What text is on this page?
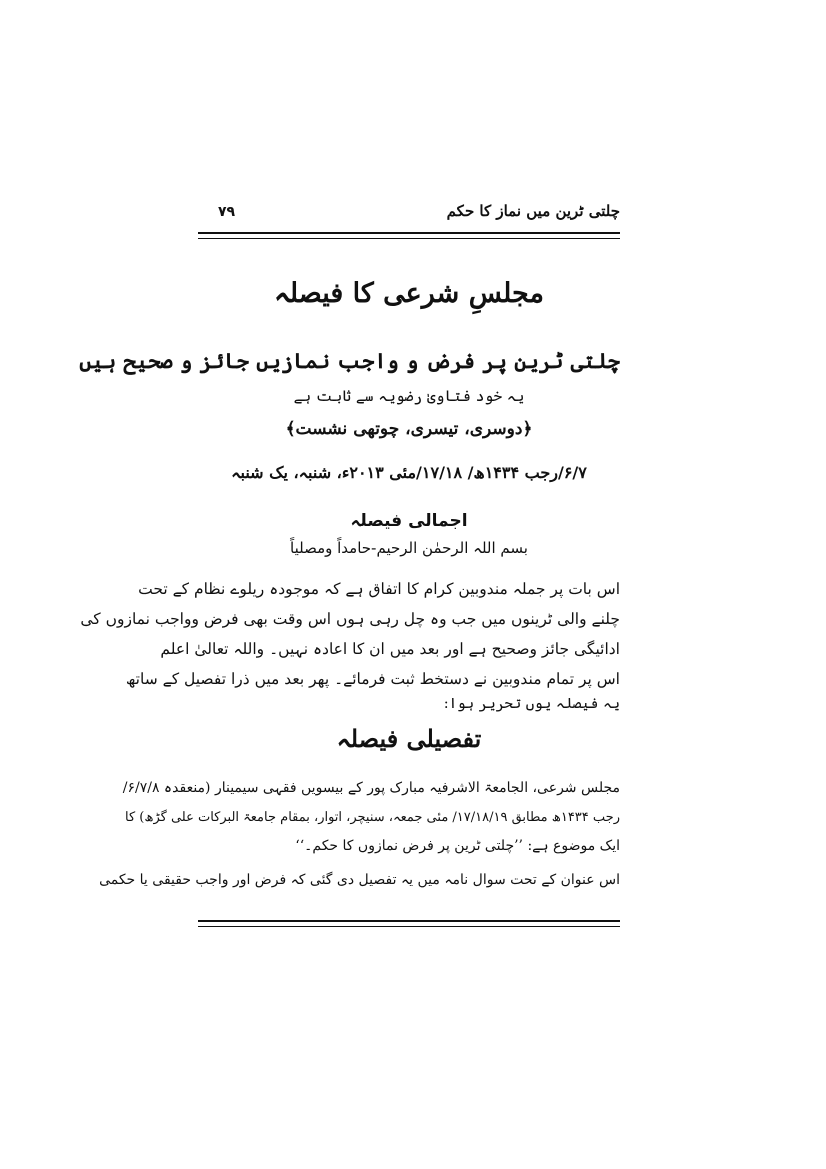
چلتی ٹرین میں نماز کا حکم
۷۹
مجلسِ شرعی کا فیصلہ
چلتی ٹرین پر فرض و واجب نمازیں جائز و صحیح ہیں
یہ خود فتاویٰ رضویہ سے ثابت ہے
﴿دوسری، تیسری، چوتھی نشست﴾
۶/۷/رجب ۱۴۳۴ھ/ ۱۷/۱۸/مئی ۲۰۱۳ء، شنبہ، یک شنبہ
اجمالی فیصلہ
بسم اللہ الرحمٰن الرحیم-حامداً ومصلیاً
اس بات پر جملہ مندوبین کرام کا اتفاق ہے کہ موجودہ ریلوے نظام کے تحت
چلنے والی ٹرینوں میں جب وہ چل رہی ہوں اس وقت بھی فرض وواجب نمازوں کی
ادائیگی جائز وصحیح ہے اور بعد میں ان کا اعادہ نہیں۔ واللہ تعالیٰ اعلم
اس پر تمام مندوبین نے دستخط ثبت فرمائے۔ پھر بعد میں ذرا تفصیل کے ساتھ
یہ فیصلہ یوں تحریر ہوا:
تفصیلی فیصلہ
مجلس شرعی، الجامعۃ الاشرفیہ مبارک پور کے بیسویں فقہی سیمینار (منعقدہ ۶/۷/۸/
رجب ۱۴۳۴ھ مطابق ۱۷/۱۸/۱۹/ مئی جمعہ، سنیچر، اتوار، بمقام جامعۃ البرکات علی گڑھ) کا
ایک موضوع ہے: ’’چلتی ٹرین پر فرض نمازوں کا حکم۔‘‘
اس عنوان کے تحت سوال نامہ میں یہ تفصیل دی گئی کہ فرض اور واجب حقیقی یا حکمی
